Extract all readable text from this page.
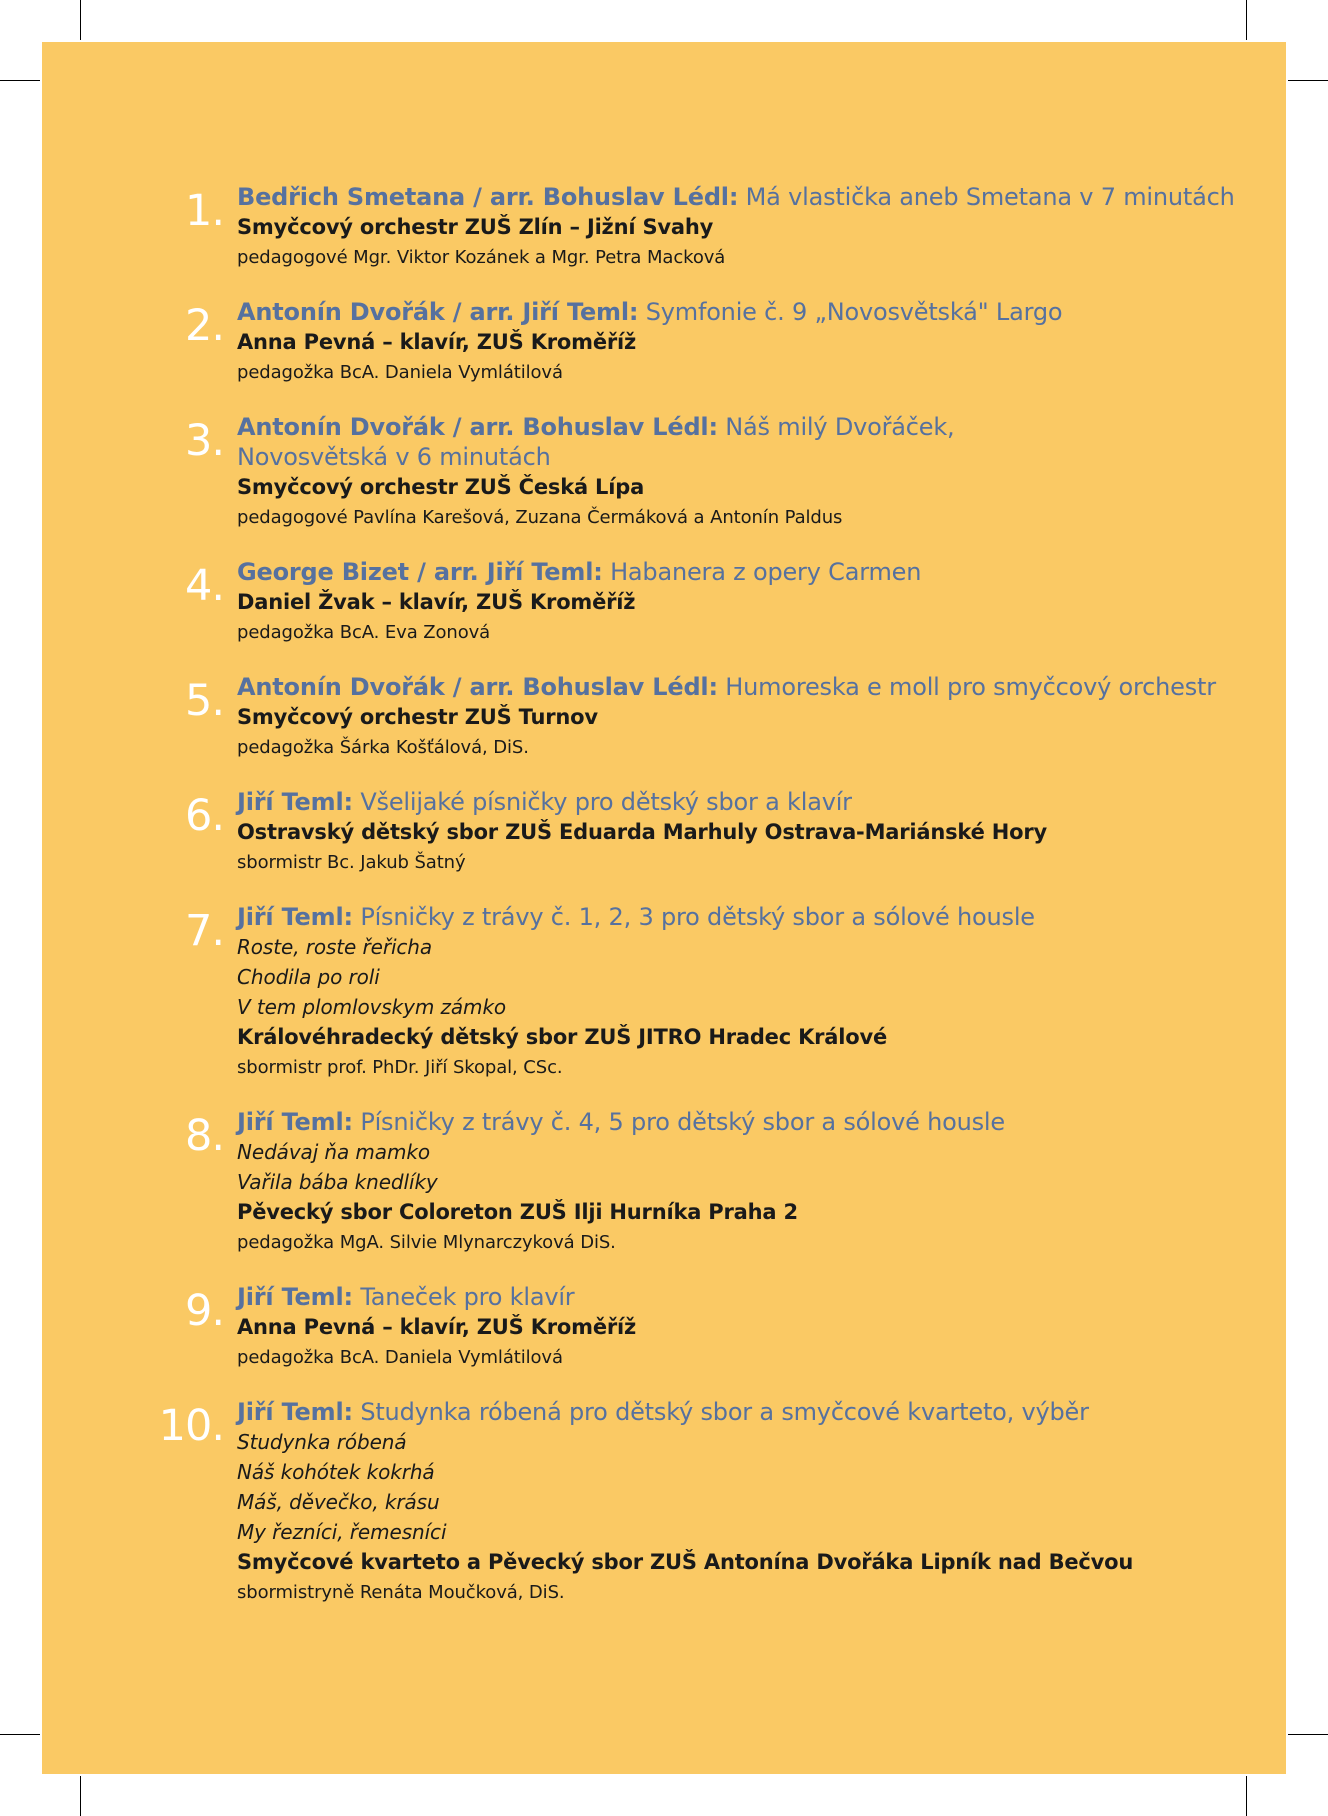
1. Bedřich Smetana / arr. Bohuslav Lédl: Má vlastička aneb Smetana v 7 minutách
Smyčcový orchestr ZUŠ Zlín – Jižní Svahy
pedagogové Mgr. Viktor Kozánek a Mgr. Petra Macková
2. Antonín Dvořák / arr. Jiří Teml: Symfonie č. 9 „Novosvětská" Largo
Anna Pevná – klavír, ZUŠ Kroměříž
pedagožka BcA. Daniela Vymlátilová
3. Antonín Dvořák / arr. Bohuslav Lédl: Náš milý Dvořáček,
Novosvětská v 6 minutách
Smyčcový orchestr ZUŠ Česká Lípa
pedagogové Pavlína Karešová, Zuzana Čermáková a Antonín Paldus
4. George Bizet / arr. Jiří Teml: Habanera z opery Carmen
Daniel Žvak – klavír, ZUŠ Kroměříž
pedagožka BcA. Eva Zonová
5. Antonín Dvořák / arr. Bohuslav Lédl: Humoreska e moll pro smyčcový orchestr
Smyčcový orchestr ZUŠ Turnov
pedagožka Šárka Košťálová, DiS.
6. Jiří Teml: Všelijaké písničky pro dětský sbor a klavír
Ostravský dětský sbor ZUŠ Eduarda Marhuly Ostrava-Mariánské Hory
sbormistr Bc. Jakub Šatný
7. Jiří Teml: Písničky z trávy č. 1, 2, 3 pro dětský sbor a sólové housle
Roste, roste řeřicha
Chodila po roli
V tem plomlovskym zámko
Královéhradecký dětský sbor ZUŠ JITRO Hradec Králové
sbormistr prof. PhDr. Jiří Skopal, CSc.
8. Jiří Teml: Písničky z trávy č. 4, 5 pro dětský sbor a sólové housle
Nedávaj ňa mamko
Vařila bába knedlíky
Pěvecký sbor Coloreton ZUŠ Ilji Hurníka Praha 2
pedagožka MgA. Silvie Mlynarczyková DiS.
9. Jiří Teml: Taneček pro klavír
Anna Pevná – klavír, ZUŠ Kroměříž
pedagožka BcA. Daniela Vymlátilová
10. Jiří Teml: Studynka róbená pro dětský sbor a smyčcové kvarteto, výběr
Studynka róbená
Náš kohótek kokrhá
Máš, děvečko, krásu
My řezníci, řemesníci
Smyčcové kvarteto a Pěvecký sbor ZUŠ Antonína Dvořáka Lipník nad Bečvou
sbormistryně Renáta Moučková, DiS.
